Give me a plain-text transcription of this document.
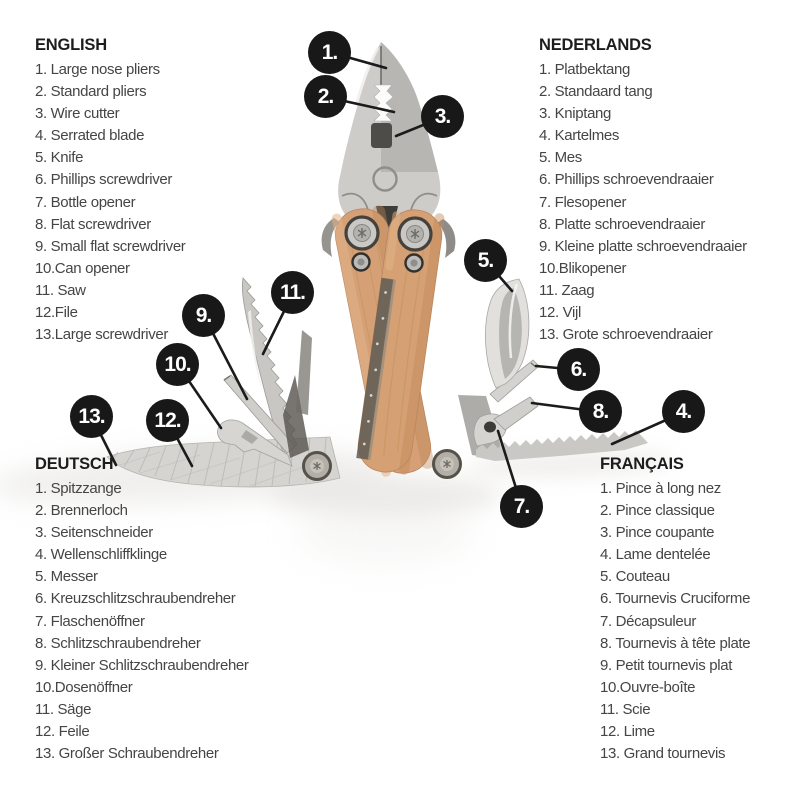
ENGLISH
1. Large nose pliers
2. Standard pliers
3. Wire cutter
4. Serrated blade
5. Knife
6. Phillips screwdriver
7. Bottle opener
8. Flat screwdriver
9. Small flat screwdriver
10.Can opener
11. Saw
12.File
13.Large screwdriver
NEDERLANDS
1. Platbektang
2. Standaard tang
3. Kniptang
4. Kartelmes
5. Mes
6. Phillips schroevendraaier
7. Flesopener
8. Platte schroevendraaier
9. Kleine platte schroevendraaier
10.Blikopener
11. Zaag
12. Vijl
13. Grote schroevendraaier
DEUTSCH
1. Spitzzange
2. Brennerloch
3. Seitenschneider
4. Wellenschliffklinge
5. Messer
6. Kreuzschlitzschraubendreher
7. Flaschenöffner
8. Schlitzschraubendreher
9. Kleiner Schlitzschraubendreher
10.Dosenöffner
11. Säge
12. Feile
13. Großer Schraubendreher
FRANÇAIS
1. Pince à long nez
2. Pince classique
3. Pince coupante
4. Lame dentelée
5. Couteau
6. Tournevis Cruciforme
7. Décapsuleur
8. Tournevis à tête plate
9. Petit tournevis plat
10.Ouvre-boîte
11. Scie
12. Lime
13. Grand tournevis
1.
2.
3.
4.
5.
6.
7.
8.
9.
10.
11.
12.
13.
